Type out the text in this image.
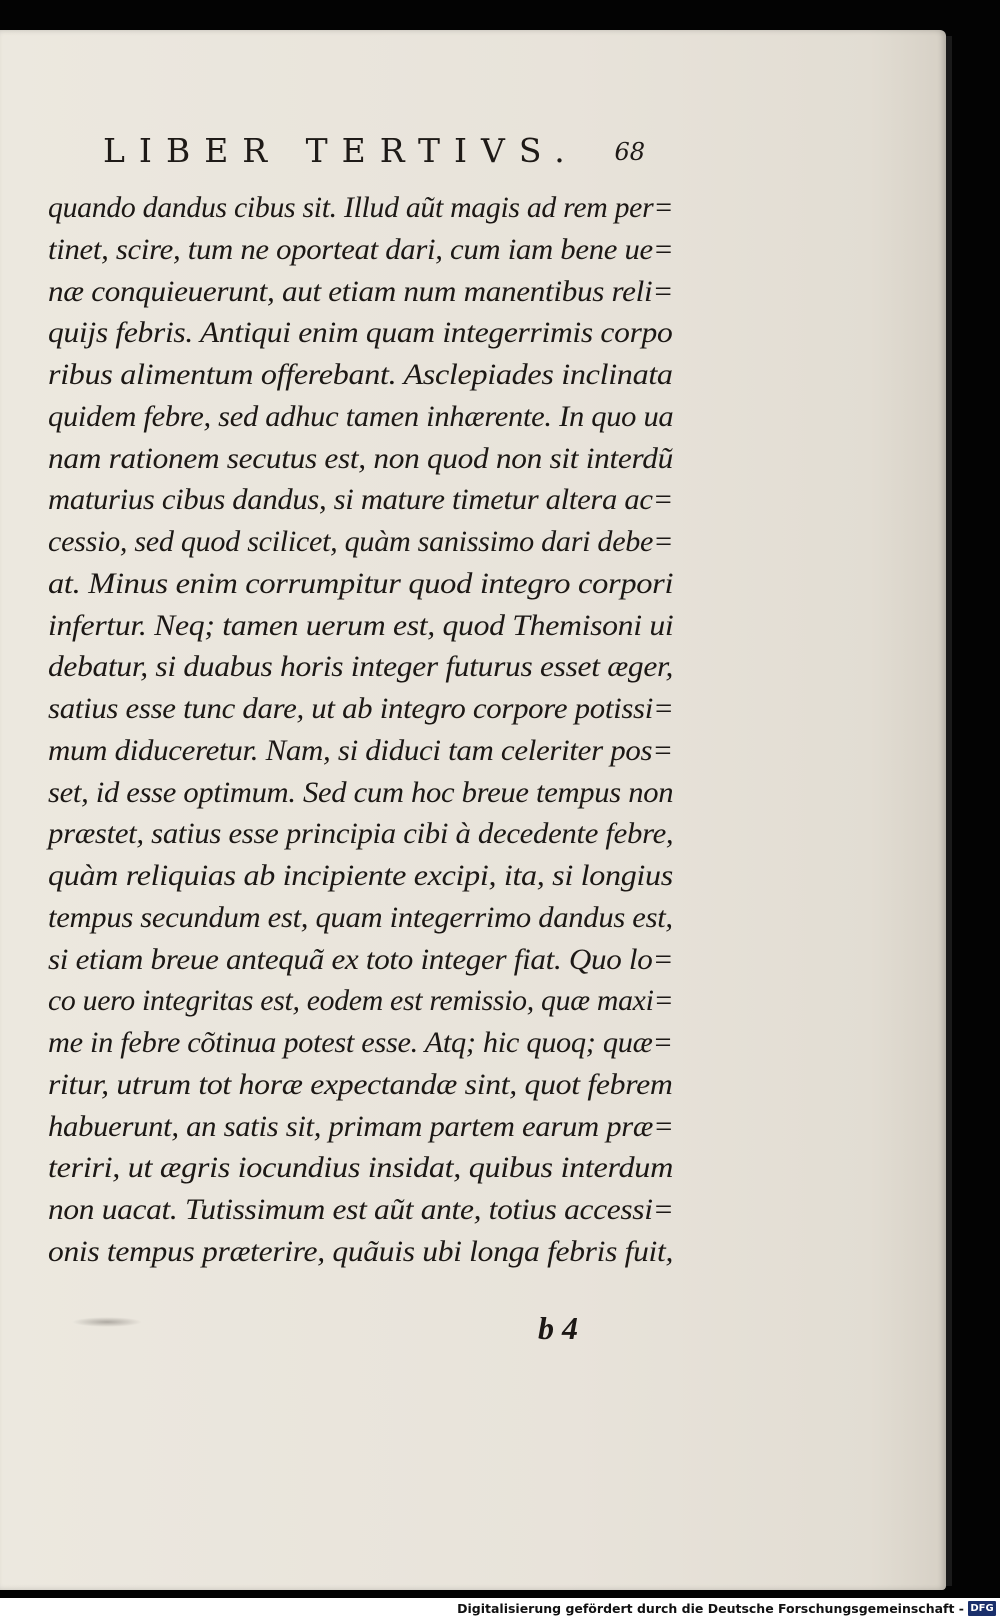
LIBER TERTIVS. 68
quando dandus cibus sit. Illud aũt magis ad rem per=
tinet, scire, tum ne oporteat dari, cum iam bene ue=
næ conquieuerunt, aut etiam num manentibus reli=
quijs febris. Antiqui enim quam integerrimis corpo
ribus alimentum offerebant. Asclepiades inclinata
quidem febre, sed adhuc tamen inhærente. In quo ua
nam rationem secutus est, non quod non sit interdũ
maturius cibus dandus, si mature timetur altera ac=
cessio, sed quod scilicet, quàm sanissimo dari debe=
at. Minus enim corrumpitur quod integro corpori
infertur. Neq; tamen uerum est, quod Themisoni ui
debatur, si duabus horis integer futurus esset æger,
satius esse tunc dare, ut ab integro corpore potissi=
mum diduceretur. Nam, si diduci tam celeriter pos=
set, id esse optimum. Sed cum hoc breue tempus non
præstet, satius esse principia cibi à decedente febre,
quàm reliquias ab incipiente excipi, ita, si longius
tempus secundum est, quam integerrimo dandus est,
si etiam breue antequã ex toto integer fiat. Quo lo=
co uero integritas est, eodem est remissio, quæ maxi=
me in febre cõtinua potest esse. Atq; hic quoq; quæ=
ritur, utrum tot horæ expectandæ sint, quot febrem
habuerunt, an satis sit, primam partem earum præ=
teriri, ut ægris iocundius insidat, quibus interdum
non uacat. Tutissimum est aũt ante, totius accessi=
onis tempus præterire, quãuis ubi longa febris fuit,
b 4
Digitalisierung gefördert durch die Deutsche Forschungsgemeinschaft - DFG
